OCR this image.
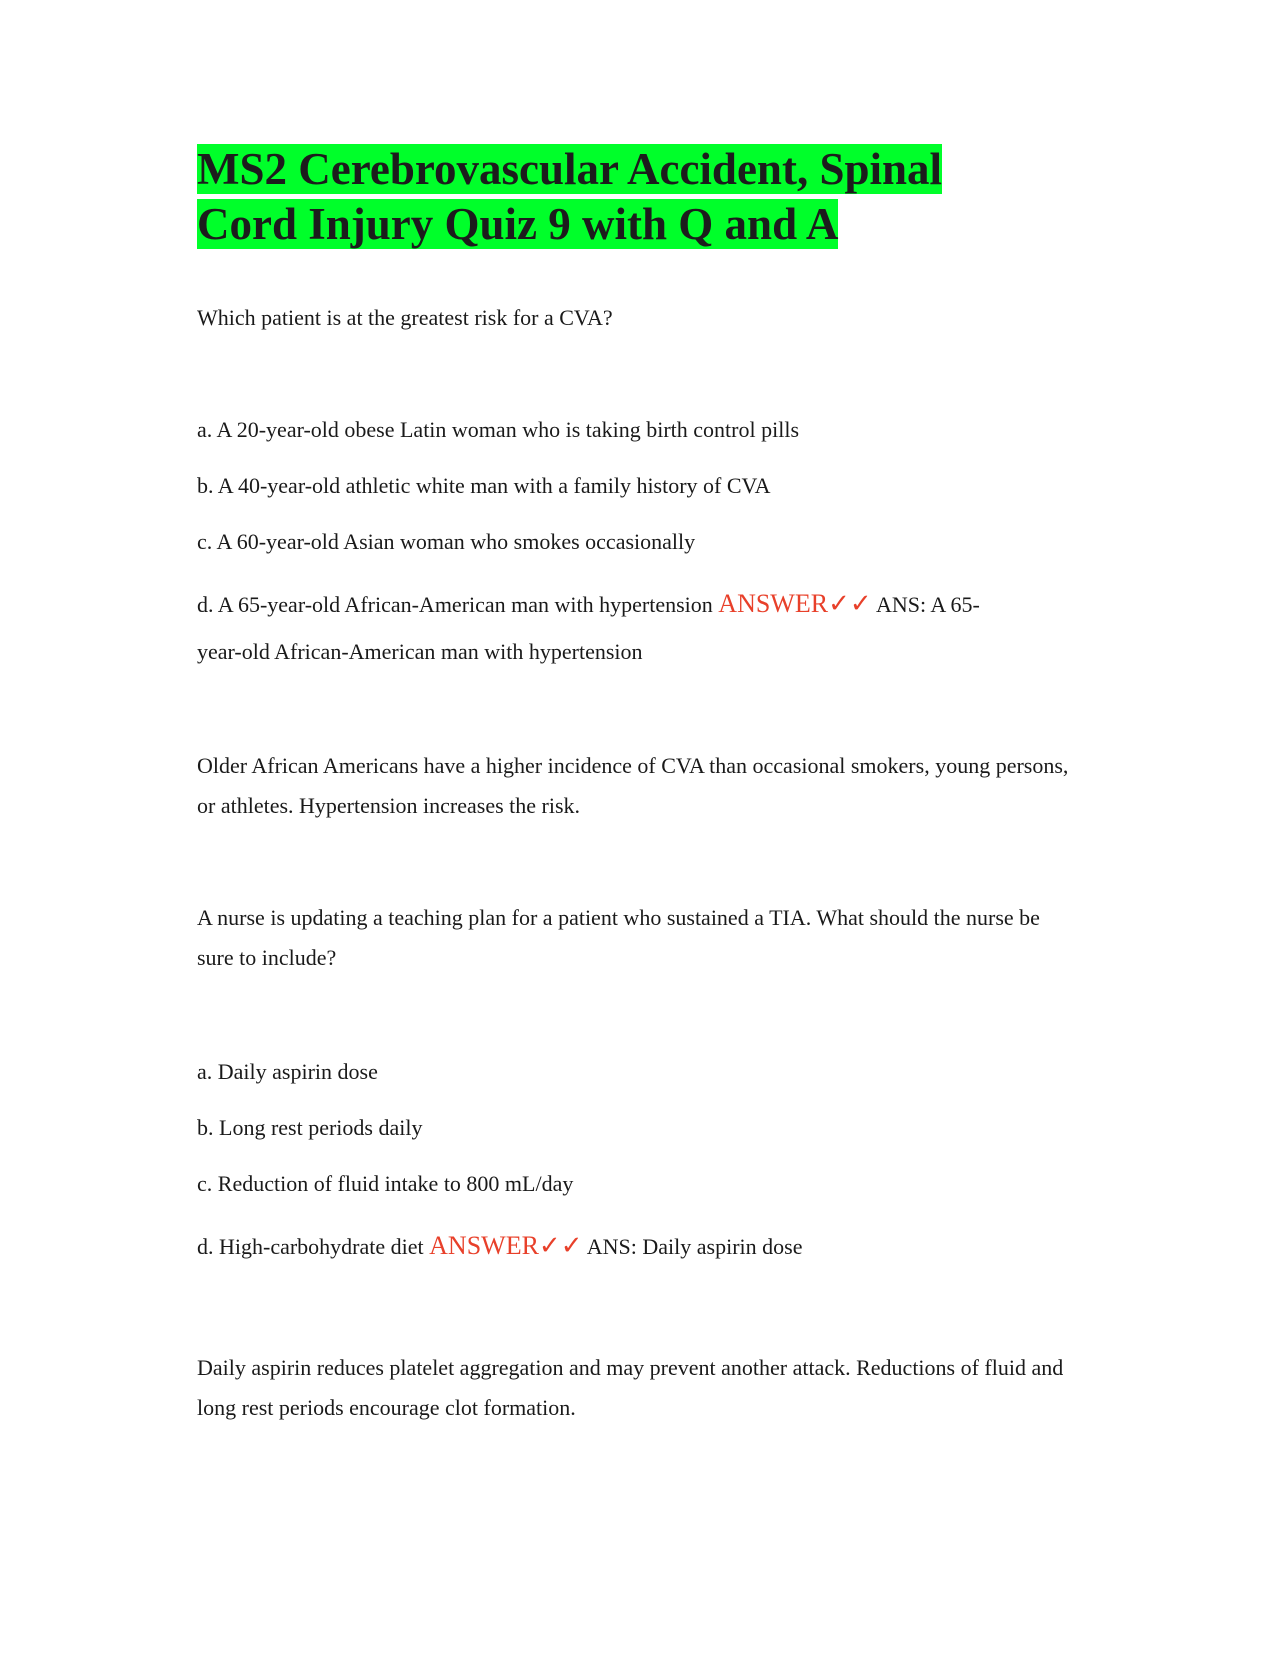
MS2 Cerebrovascular Accident, Spinal
Cord Injury Quiz 9 with Q and A

Which patient is at the greatest risk for a CVA?

a. A 20-year-old obese Latin woman who is taking birth control pills

b. A 40-year-old athletic white man with a family history of CVA

c. A 60-year-old Asian woman who smokes occasionally

d. A 65-year-old African-American man with hypertension ANSWER✓✓ ANS: A 65-

year-old African-American man with hypertension

Older African Americans have a higher incidence of CVA than occasional smokers, young persons, or athletes. Hypertension increases the risk.

A nurse is updating a teaching plan for a patient who sustained a TIA. What should the nurse be sure to include?

a. Daily aspirin dose

b. Long rest periods daily

c. Reduction of fluid intake to 800 mL/day

d. High-carbohydrate diet ANSWER✓✓ ANS: Daily aspirin dose

Daily aspirin reduces platelet aggregation and may prevent another attack. Reductions of fluid and long rest periods encourage clot formation.
